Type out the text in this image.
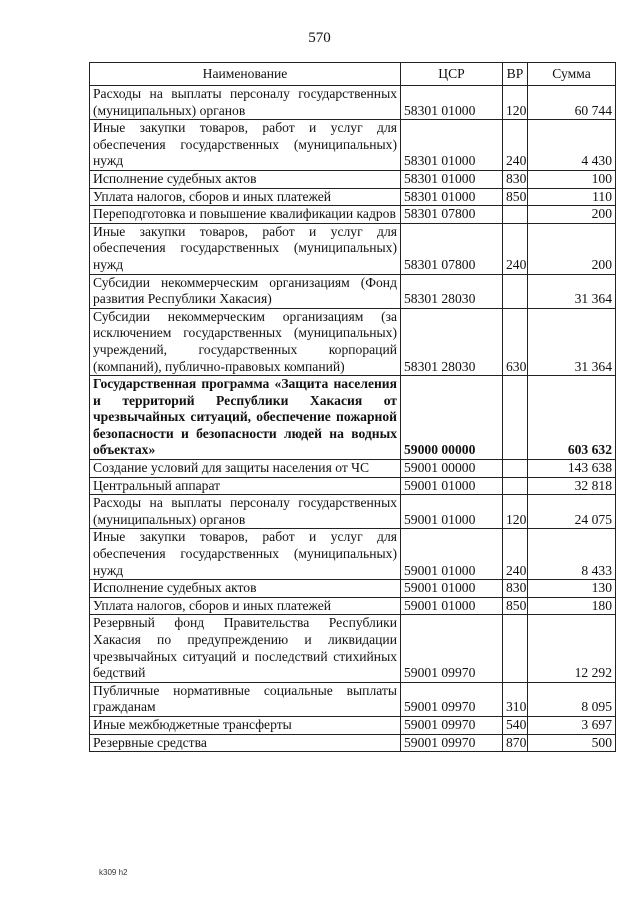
570
Наименование	ЦСР	ВР	Сумма
Расходы на выплаты персоналу государственных (муниципальных) органов	58301 01000	120	60 744
Иные закупки товаров, работ и услуг для обеспечения государственных (муниципальных) нужд	58301 01000	240	4 430
Исполнение судебных актов	58301 01000	830	100
Уплата налогов, сборов и иных платежей	58301 01000	850	110
Переподготовка и повышение квалификации кадров	58301 07800		200
Иные закупки товаров, работ и услуг для обеспечения государственных (муниципальных) нужд	58301 07800	240	200
Субсидии некоммерческим организациям (Фонд развития Республики Хакасия)	58301 28030		31 364
Субсидии некоммерческим организациям (за исключением государственных (муниципальных) учреждений, государственных корпораций (компаний), публично-правовых компаний)	58301 28030	630	31 364
Государственная программа «Защита населения и территорий Республики Хакасия от чрезвычайных ситуаций, обеспечение пожарной безопасности и безопасности людей на водных объектах»	59000 00000		603 632
Создание условий для защиты населения от ЧС	59001 00000		143 638
Центральный аппарат	59001 01000		32 818
Расходы на выплаты персоналу государственных (муниципальных) органов	59001 01000	120	24 075
Иные закупки товаров, работ и услуг для обеспечения государственных (муниципальных) нужд	59001 01000	240	8 433
Исполнение судебных актов	59001 01000	830	130
Уплата налогов, сборов и иных платежей	59001 01000	850	180
Резервный фонд Правительства Республики Хакасия по предупреждению и ликвидации чрезвычайных ситуаций и последствий стихийных бедствий	59001 09970		12 292
Публичные нормативные социальные выплаты гражданам	59001 09970	310	8 095
Иные межбюджетные трансферты	59001 09970	540	3 697
Резервные средства	59001 09970	870	500
k309 h2
